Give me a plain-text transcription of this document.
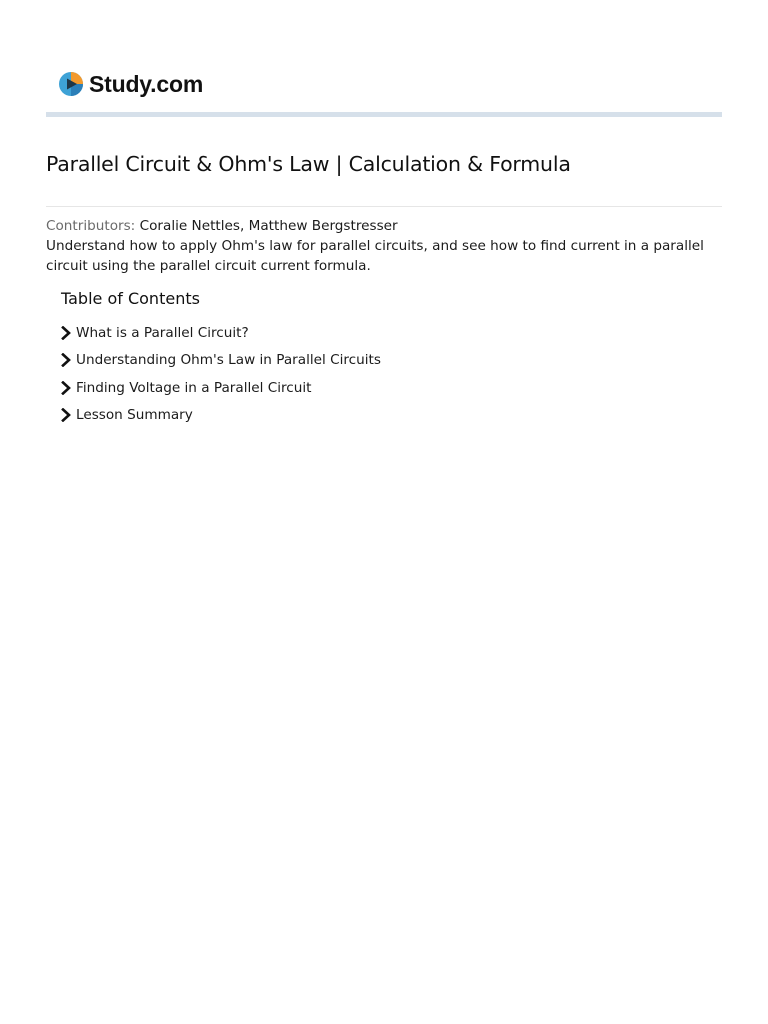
Study.com
Parallel Circuit & Ohm's Law | Calculation & Formula
Contributors: Coralie Nettles, Matthew Bergstresser

Understand how to apply Ohm's law for parallel circuits, and see how to find current in a parallel circuit using the parallel circuit current formula.

Table of Contents
What is a Parallel Circuit?
Understanding Ohm's Law in Parallel Circuits
Finding Voltage in a Parallel Circuit
Lesson Summary
